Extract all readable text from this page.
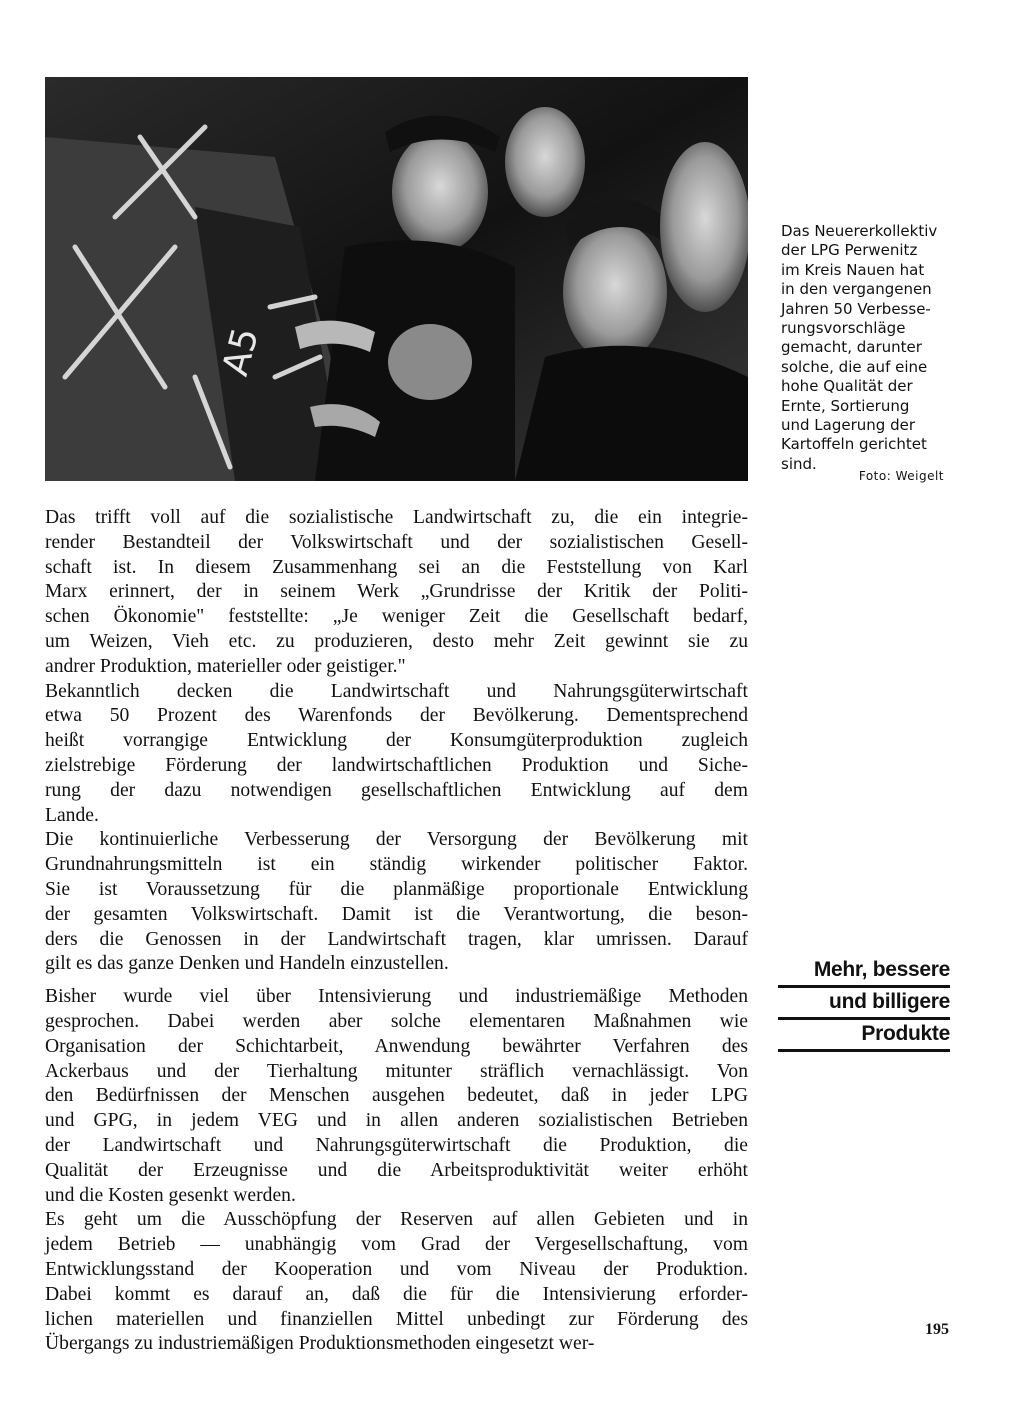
A5
Das Neuererkollektiv
der LPG Perwenitz
im Kreis Nauen hat
in den vergangenen
Jahren 50 Verbesse-
rungsvorschläge
gemacht, darunter
solche, die auf eine
hohe Qualität der
Ernte, Sortierung
und Lagerung der
Kartoffeln gerichtet
sind.
Foto: Weigelt
Das trifft voll auf die sozialistische Landwirtschaft zu, die ein integrie-
render Bestandteil der Volkswirtschaft und der sozialistischen Gesell-
schaft ist. In diesem Zusammenhang sei an die Feststellung von Karl
Marx erinnert, der in seinem Werk „Grundrisse der Kritik der Politi-
schen Ökonomie" feststellte: „Je weniger Zeit die Gesellschaft bedarf,
um Weizen, Vieh etc. zu produzieren, desto mehr Zeit gewinnt sie zu
andrer Produktion, materieller oder geistiger."
Bekanntlich decken die Landwirtschaft und Nahrungsgüterwirtschaft
etwa 50 Prozent des Warenfonds der Bevölkerung. Dementsprechend
heißt vorrangige Entwicklung der Konsumgüterproduktion zugleich
zielstrebige Förderung der landwirtschaftlichen Produktion und Siche-
rung der dazu notwendigen gesellschaftlichen Entwicklung auf dem
Lande.
Die kontinuierliche Verbesserung der Versorgung der Bevölkerung mit
Grundnahrungsmitteln ist ein ständig wirkender politischer Faktor.
Sie ist Voraussetzung für die planmäßige proportionale Entwicklung
der gesamten Volkswirtschaft. Damit ist die Verantwortung, die beson-
ders die Genossen in der Landwirtschaft tragen, klar umrissen. Darauf
gilt es das ganze Denken und Handeln einzustellen.
Bisher wurde viel über Intensivierung und industriemäßige Methoden
gesprochen. Dabei werden aber solche elementaren Maßnahmen wie
Organisation der Schichtarbeit, Anwendung bewährter Verfahren des
Ackerbaus und der Tierhaltung mitunter sträflich vernachlässigt. Von
den Bedürfnissen der Menschen ausgehen bedeutet, daß in jeder LPG
und GPG, in jedem VEG und in allen anderen sozialistischen Betrieben
der Landwirtschaft und Nahrungsgüterwirtschaft die Produktion, die
Qualität der Erzeugnisse und die Arbeitsproduktivität weiter erhöht
und die Kosten gesenkt werden.
Es geht um die Ausschöpfung der Reserven auf allen Gebieten und in
jedem Betrieb — unabhängig vom Grad der Vergesellschaftung, vom
Entwicklungsstand der Kooperation und vom Niveau der Produktion.
Dabei kommt es darauf an, daß die für die Intensivierung erforder-
lichen materiellen und finanziellen Mittel unbedingt zur Förderung des
Übergangs zu industriemäßigen Produktionsmethoden eingesetzt wer-
Mehr, bessere
und billigere
Produkte
195
